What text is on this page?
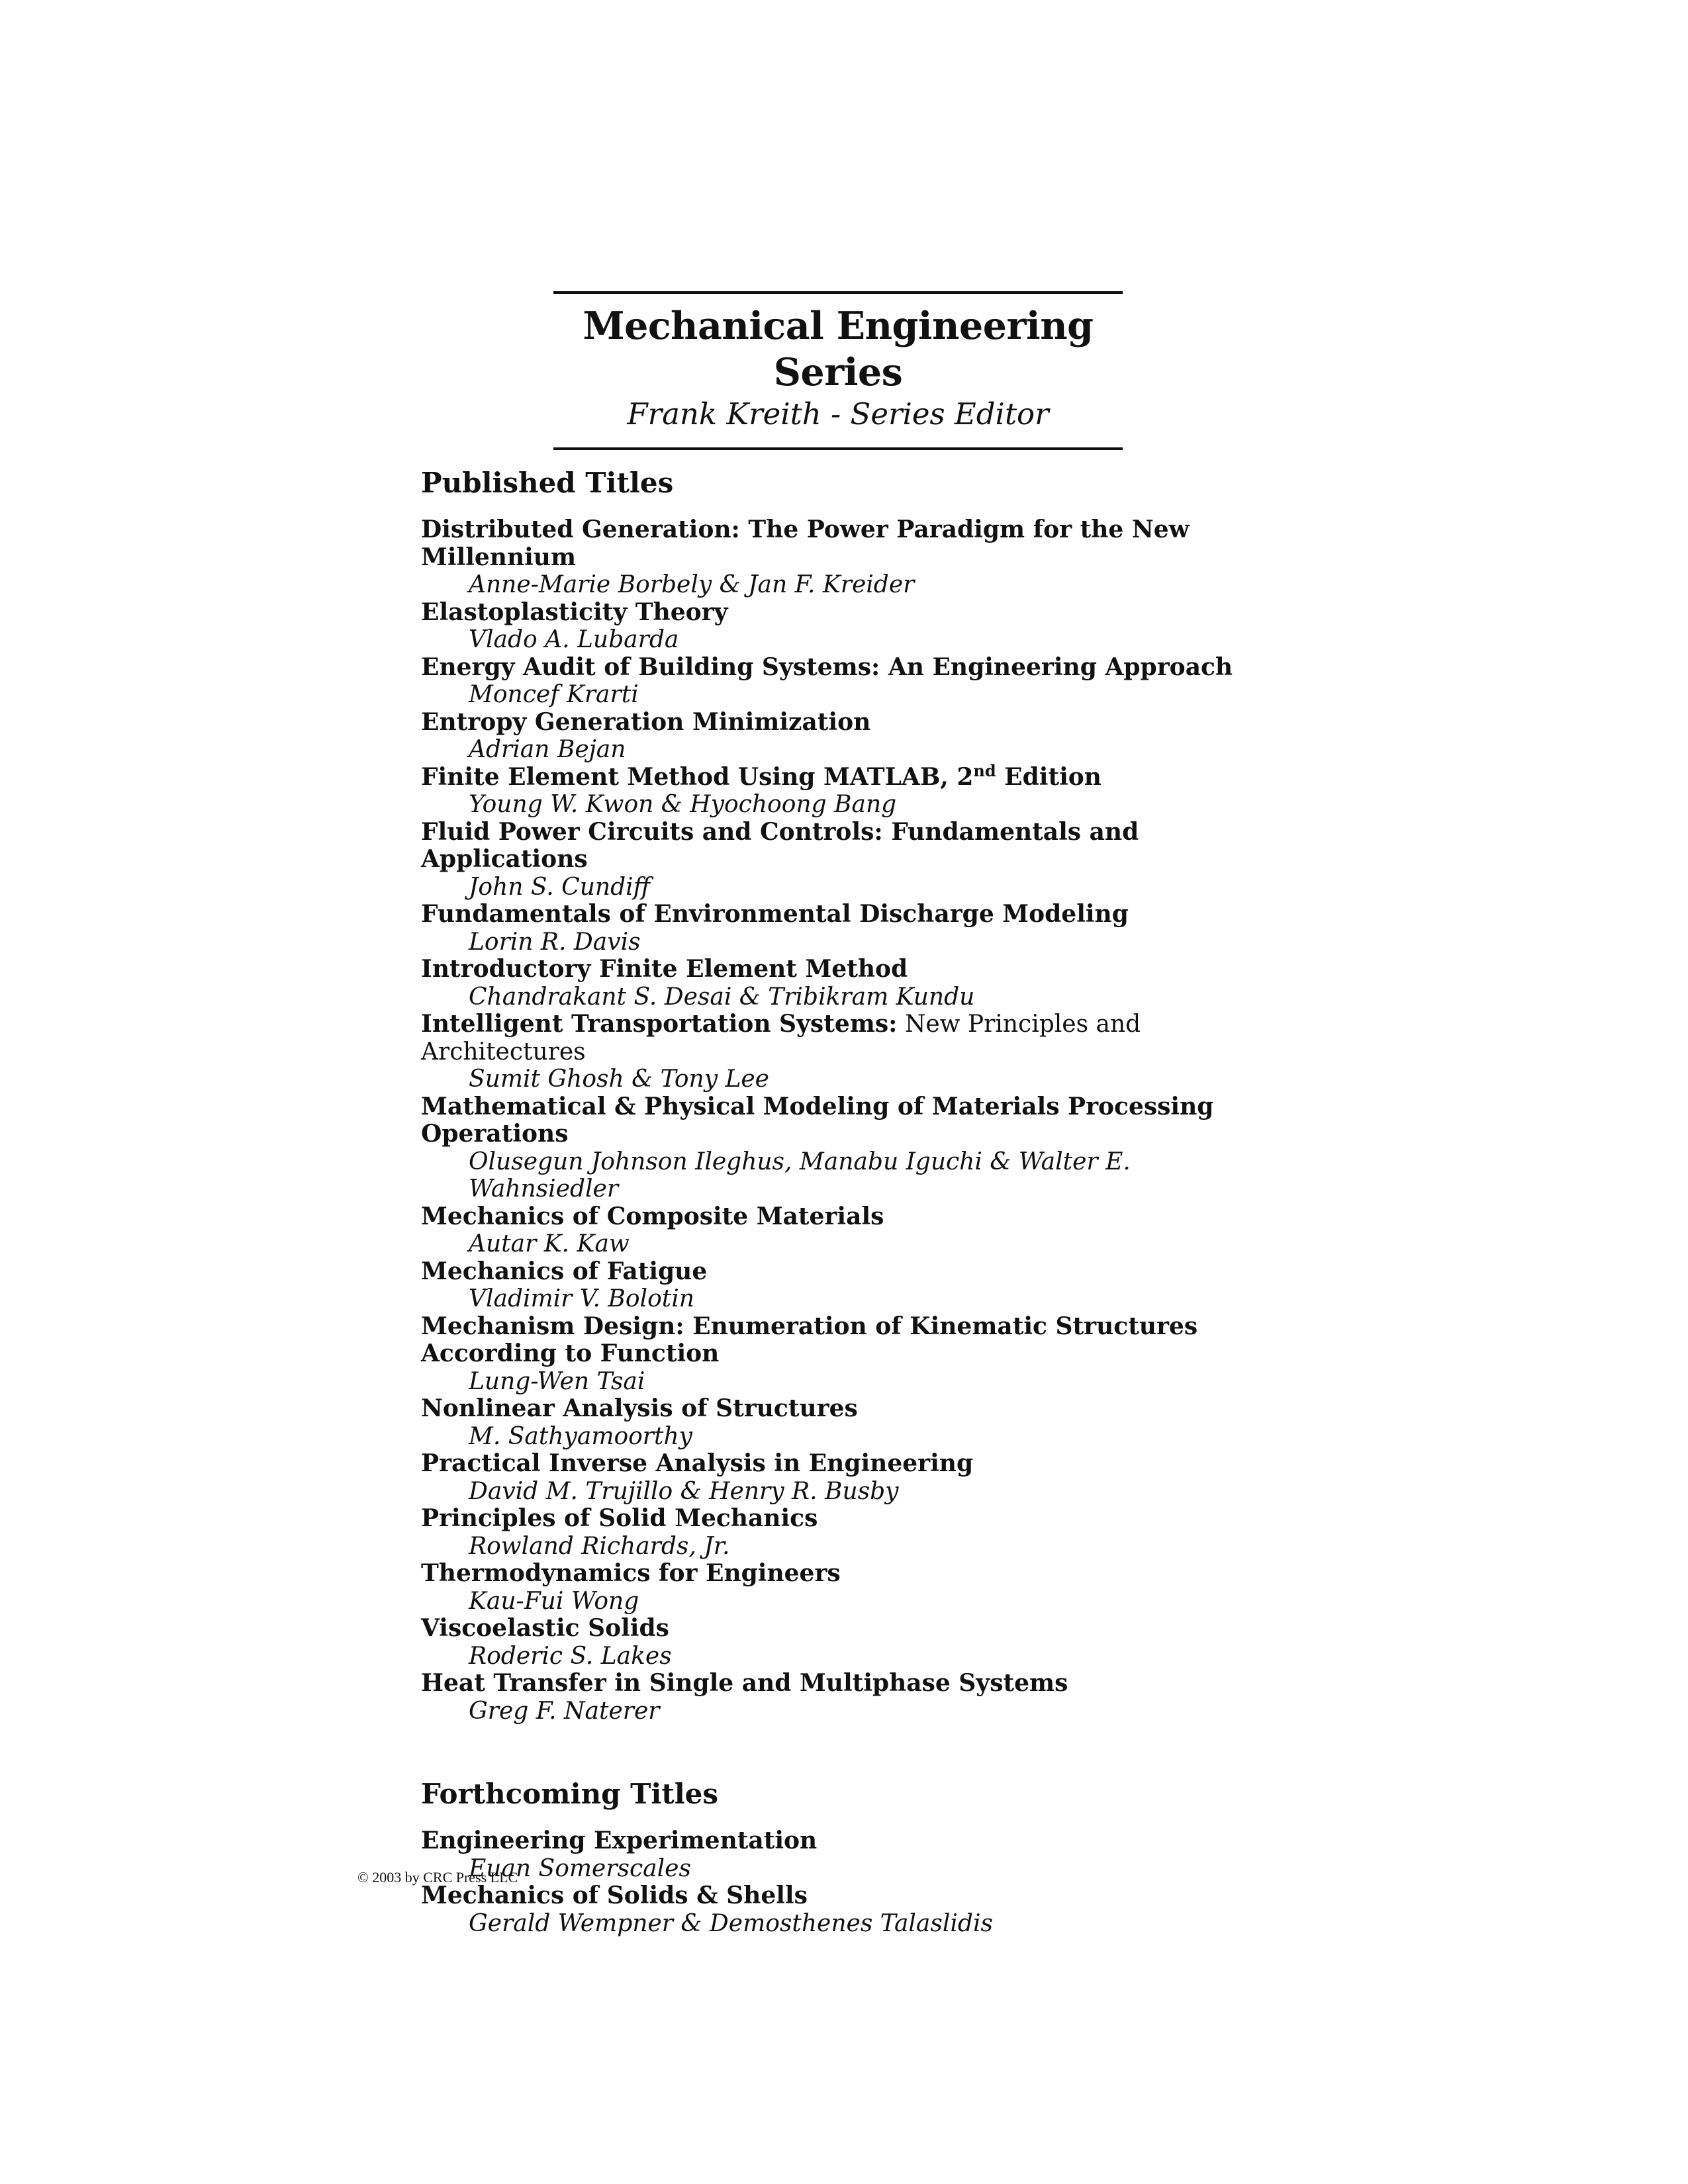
Mechanical Engineering Series
Frank Kreith - Series Editor
Published Titles
Distributed Generation: The Power Paradigm for the New Millennium
Anne-Marie Borbely & Jan F. Kreider
Elastoplasticity Theory
Vlado A. Lubarda
Energy Audit of Building Systems: An Engineering Approach
Moncef Krarti
Entropy Generation Minimization
Adrian Bejan
Finite Element Method Using MATLAB, 2nd Edition
Young W. Kwon & Hyochoong Bang
Fluid Power Circuits and Controls: Fundamentals and Applications
John S. Cundiff
Fundamentals of Environmental Discharge Modeling
Lorin R. Davis
Introductory Finite Element Method
Chandrakant S. Desai & Tribikram Kundu
Intelligent Transportation Systems: New Principles and Architectures
Sumit Ghosh & Tony Lee
Mathematical & Physical Modeling of Materials Processing Operations
Olusegun Johnson Ileghus, Manabu Iguchi & Walter E. Wahnsiedler
Mechanics of Composite Materials
Autar K. Kaw
Mechanics of Fatigue
Vladimir V. Bolotin
Mechanism Design: Enumeration of Kinematic Structures According to Function
Lung-Wen Tsai
Nonlinear Analysis of Structures
M. Sathyamoorthy
Practical Inverse Analysis in Engineering
David M. Trujillo & Henry R. Busby
Principles of Solid Mechanics
Rowland Richards, Jr.
Thermodynamics for Engineers
Kau-Fui Wong
Viscoelastic Solids
Roderic S. Lakes
Heat Transfer in Single and Multiphase Systems
Greg F. Naterer
Forthcoming Titles
Engineering Experimentation
Euan Somerscales
Mechanics of Solids & Shells
Gerald Wempner & Demosthenes Talaslidis
© 2003 by CRC Press LLC
